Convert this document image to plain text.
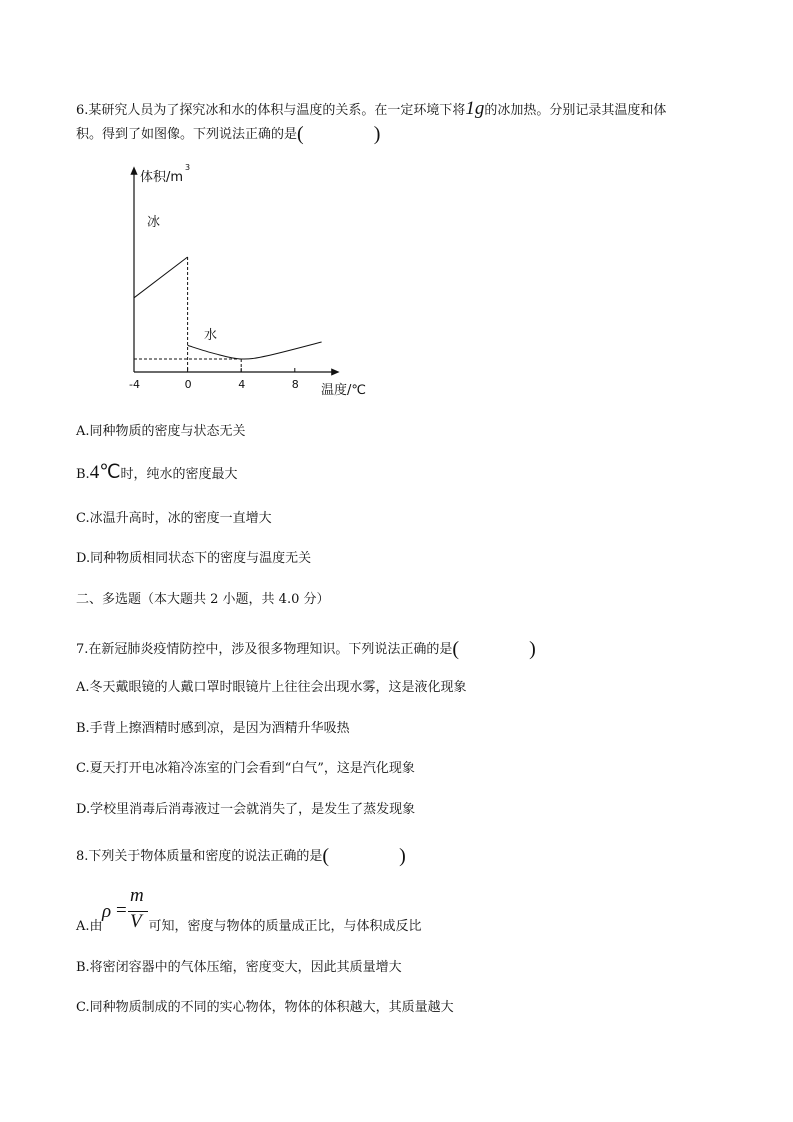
6.某研究人员为了探究冰和水的体积与温度的关系。在一定环境下将1g的冰加热。分别记录其温度和体
积。得到了如图像。下列说法正确的是(	)
体积/m
3
温度/℃
-4	0	4	8
冰
水
A.同种物质的密度与状态无关
B.4℃时，纯水的密度最大
C.冰温升高时，冰的密度一直增大
D.同种物质相同状态下的密度与温度无关
二、多选题（本大题共 2 小题，共 4.0 分）
7.在新冠肺炎疫情防控中，涉及很多物理知识。下列说法正确的是(	)
A.冬天戴眼镜的人戴口罩时眼镜片上往往会出现水雾，这是液化现象
B.手背上擦酒精时感到凉，是因为酒精升华吸热
C.夏天打开电冰箱冷冻室的门会看到“白气”，这是汽化现象
D.学校里消毒后消毒液过一会就消失了，是发生了蒸发现象
8.下列关于物体质量和密度的说法正确的是(	)
ρ =
m
V
A.由	可知，密度与物体的质量成正比，与体积成反比
B.将密闭容器中的气体压缩，密度变大，因此其质量增大
C.同种物质制成的不同的实心物体，物体的体积越大，其质量越大
